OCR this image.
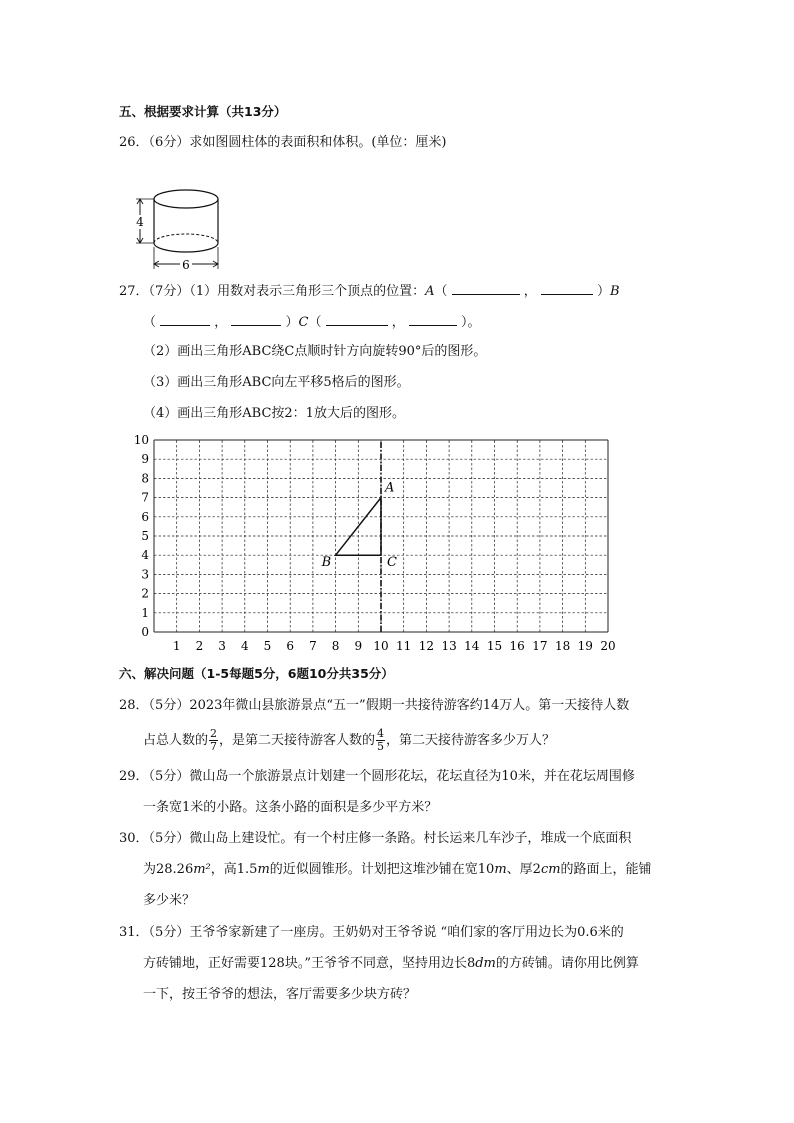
五、根据要求计算（共13分）
26．（6分）求如图圆柱体的表面积和体积。(单位：厘米)
4
6
27．（7分）（1）用数对表示三角形三个顶点的位置：A（	，	）B
（	，	）C（	，	）。
（2）画出三角形ABC绕C点顺时针方向旋转90°后的图形。
（3）画出三角形ABC向左平移5格后的图形。
（4）画出三角形ABC按2：1放大后的图形。
0
1
2
3
4
5
6
7
8
9
10
1 2 3 4 5 6 7 8 9 10 11 12 13 14 15 16 17 18 19 20
A
B	C
六、解决问题（1-5每题5分，6题10分共35分）
28．（5分）2023年微山县旅游景点“五一”假期一共接待游客约14万人。第一天接待人数
占总人数的 $\frac{2}{7}$ ，是第二天接待游客人数的 $\frac{4}{5}$ ，第二天接待游客多少万人？
29．（5分）微山岛一个旅游景点计划建一个圆形花坛，花坛直径为10米，并在花坛周围修
一条宽1米的小路。这条小路的面积是多少平方米？
30．（5分）微山岛上建设忙。有一个村庄修一条路。村长运来几车沙子，堆成一个底面积
为28.26m²，高1.5m的近似圆锥形。计划把这堆沙铺在宽10m、厚2cm的路面上，能铺
多少米？
31．（5分）王爷爷家新建了一座房。王奶奶对王爷爷说 “咱们家的客厅用边长为0.6米的
方砖铺地，正好需要128块。”王爷爷不同意，坚持用边长8dm的方砖铺。请你用比例算
一下，按王爷爷的想法，客厅需要多少块方砖？
